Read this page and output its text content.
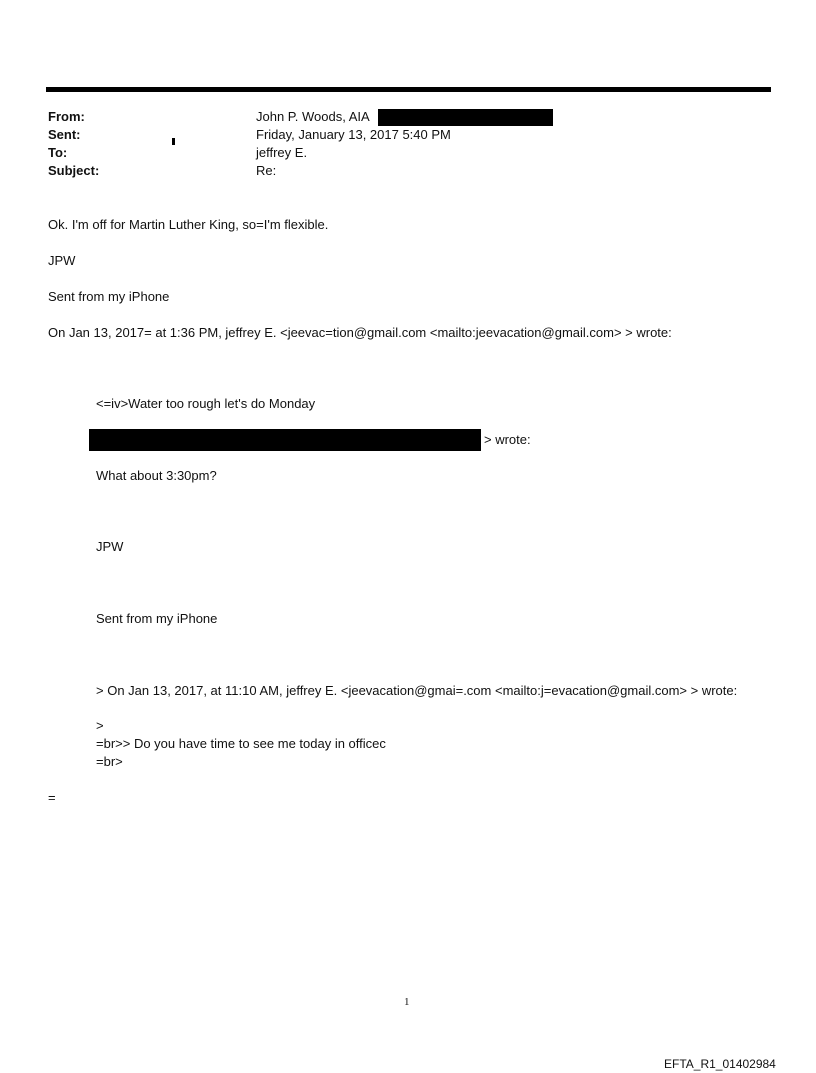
From:	John P. Woods, AIA
Sent:	Friday, January 13, 2017 5:40 PM
To:	jeffrey E.
Subject:	Re:
Ok. I'm off for Martin Luther King, so=I'm flexible.
JPW
Sent from my iPhone
On Jan 13, 2017= at 1:36 PM, jeffrey E. <jeevac=tion@gmail.com <mailto:jeevacation@gmail.com> > wrote:
<=iv>Water too rough let's do Monday
> wrote:
What about 3:30pm?
JPW
Sent from my iPhone
> On Jan 13, 2017, at 11:10 AM, jeffrey E. <jeevacation@gmai=.com <mailto:j=evacation@gmail.com> > wrote:
>
=br>> Do you have time to see me today in officec
=br>
=
1
EFTA_R1_01402984
